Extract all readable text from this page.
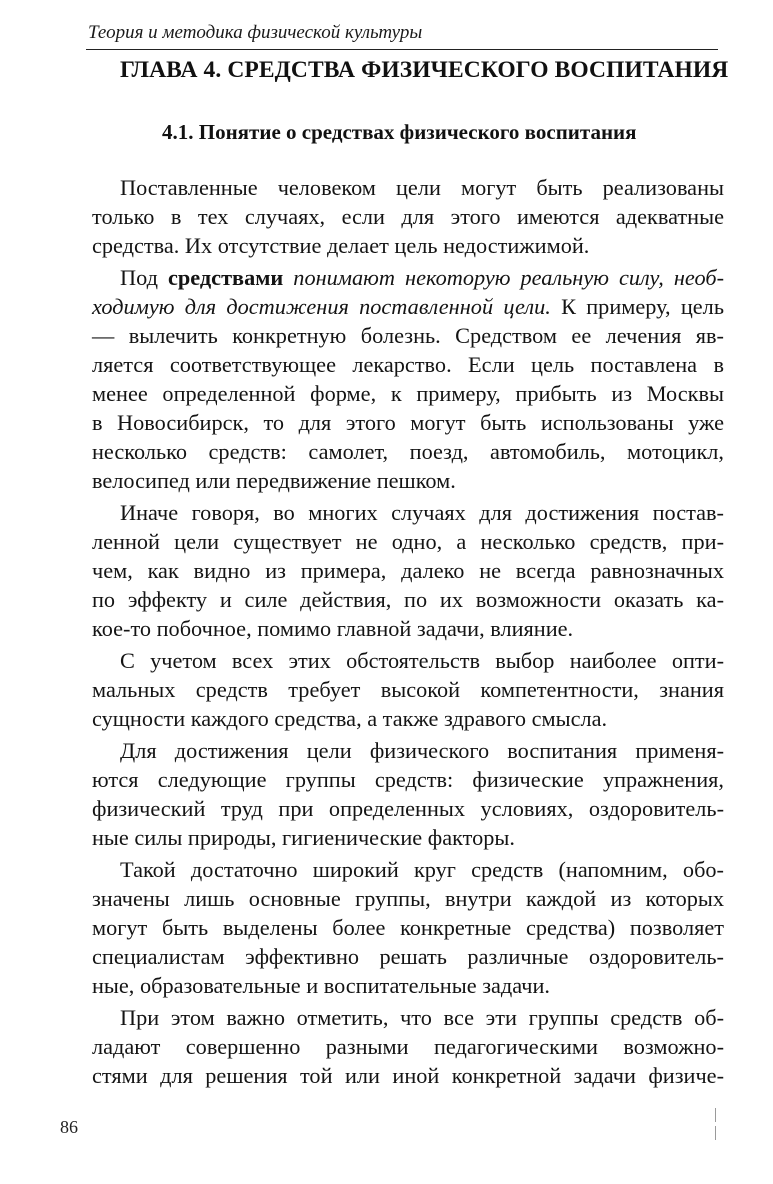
Теория и методика физической культуры
ГЛАВА 4. СРЕДСТВА ФИЗИЧЕСКОГО ВОСПИТАНИЯ
4.1. Понятие о средствах физического воспитания
Поставленные человеком цели могут быть реализованы
только в тех случаях, если для этого имеются адекватные
средства. Их отсутствие делает цель недостижимой.
Под средствами понимают некоторую реальную силу, необ-
ходимую для достижения поставленной цели. К примеру, цель
— вылечить конкретную болезнь. Средством ее лечения яв-
ляется соответствующее лекарство. Если цель поставлена в
менее определенной форме, к примеру, прибыть из Москвы
в Новосибирск, то для этого могут быть использованы уже
несколько средств: самолет, поезд, автомобиль, мотоцикл,
велосипед или передвижение пешком.
Иначе говоря, во многих случаях для достижения постав-
ленной цели существует не одно, а несколько средств, при-
чем, как видно из примера, далеко не всегда равнозначных
по эффекту и силе действия, по их возможности оказать ка-
кое-то побочное, помимо главной задачи, влияние.
С учетом всех этих обстоятельств выбор наиболее опти-
мальных средств требует высокой компетентности, знания
сущности каждого средства, а также здравого смысла.
Для достижения цели физического воспитания применя-
ются следующие группы средств: физические упражнения,
физический труд при определенных условиях, оздоровитель-
ные силы природы, гигиенические факторы.
Такой достаточно широкий круг средств (напомним, обо-
значены лишь основные группы, внутри каждой из которых
могут быть выделены более конкретные средства) позволяет
специалистам эффективно решать различные оздоровитель-
ные, образовательные и воспитательные задачи.
При этом важно отметить, что все эти группы средств об-
ладают совершенно разными педагогическими возможно-
стями для решения той или иной конкретной задачи физиче-
86
